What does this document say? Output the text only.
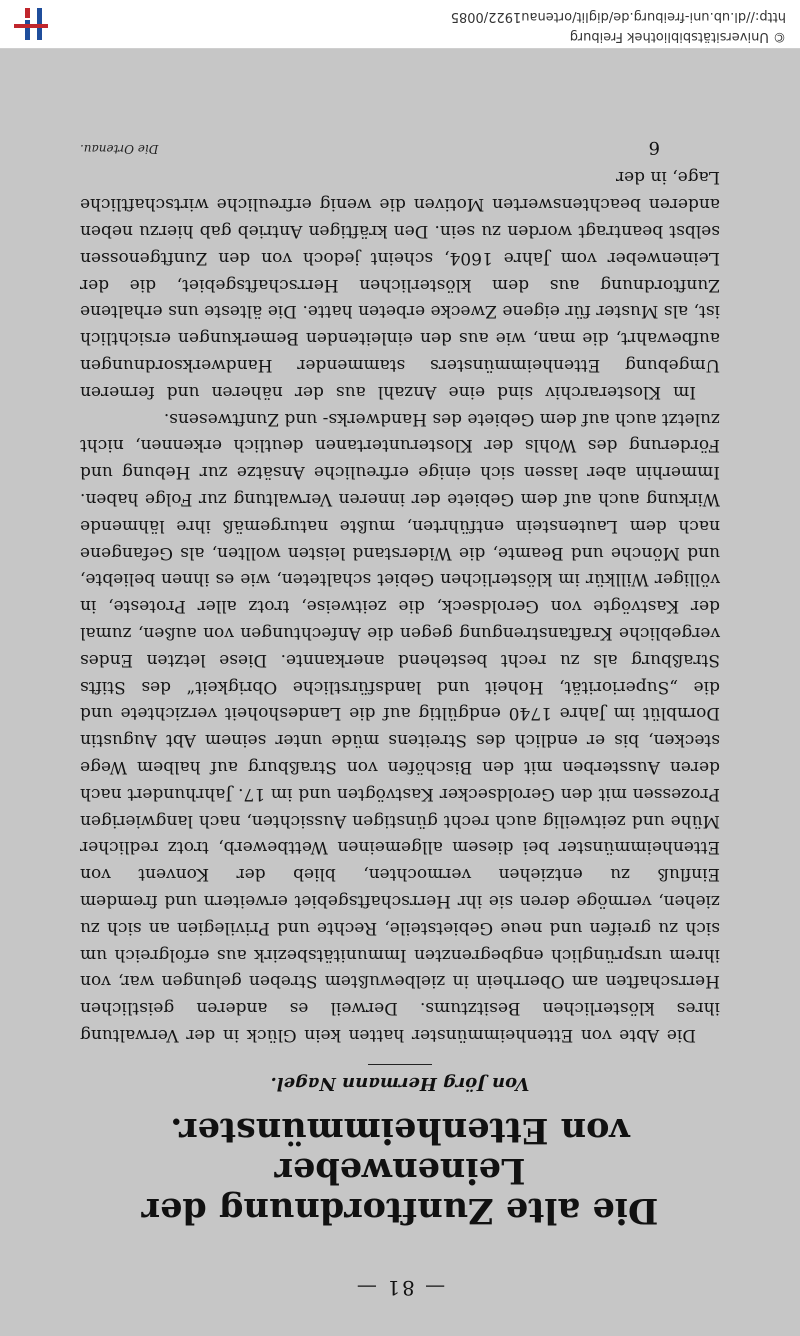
— 81 —
Die alte Zunftordnung der Leinenweber
von Ettenheimmünster.
Von Jörg Hermann Nagel.

Die Abte von Ettenheimmünster hatten kein Glück in der Verwaltung ihres klösterlichen Besitztums. Derweil es anderen geistlichen Herrschaften am Oberrhein in zielbewußtem Streben gelungen war, von ihrem ursprünglich engbegrenzten Immunitätsbezirk aus erfolgreich um sich zu greifen und neue Gebietsteile, Rechte und Privilegien an sich zu ziehen, vermöge deren sie ihr Herrschaftsgebiet erweitern und fremdem Einfluß zu entziehen vermochten, blieb der Konvent von Ettenheimmünster bei diesem allgemeinen Wettbewerb, trotz redlicher Mühe und zeitweilig auch recht günstigen Aussichten, nach langwierigen Prozessen mit den Geroldsecker Kastvögten und im 17. Jahrhundert nach deren Aussterben mit den Bischöfen von Straßburg auf halbem Wege stecken, bis er endlich des Streitens müde unter seinem Abt Augustin Dornblüt im Jahre 1740 endgültig auf die Landeshoheit verzichtete und die „Superiorität, Hoheit und landsfürstliche Obrigkeit“ des Stifts Straßburg als zu recht bestehend anerkannte. Diese letzten Endes vergebliche Kraftanstrengung gegen die Anfechtungen von außen, zumal der Kastvögte von Geroldseck, die zeitweise, trotz aller Proteste, in völliger Willkür im klösterlichen Gebiet schalteten, wie es ihnen beliebte, und Mönche und Beamte, die Widerstand leisten wollten, als Gefangene nach dem Lautenstein entführten, mußte naturgemäß ihre lähmende Wirkung auch auf dem Gebiete der inneren Verwaltung zur Folge haben. Immerhin aber lassen sich einige erfreuliche Ansätze zur Hebung und Förderung des Wohls der Klosteruntertanen deutlich erkennen, nicht zuletzt auch auf dem Gebiete des Handwerks- und Zunftwesens.

Im Klosterarchiv sind eine Anzahl aus der näheren und ferneren Umgebung Ettenheimmünsters stammender Handwerksordnungen aufbewahrt, die man, wie aus den einleitenden Bemerkungen ersichtlich ist, als Muster für eigene Zwecke erbeten hatte. Die älteste uns erhaltene Zunftordnung aus dem klösterlichen Herrschaftsgebiet, die der Leinenweber vom Jahre 1604, scheint jedoch von den Zunftgenossen selbst beantragt worden zu sein. Den kräftigen Antrieb gab hierzu neben anderen beachtenswerten Motiven die wenig erfreuliche wirtschaftliche Lage, in der

6
Die Ortenau.
© Universitätsbibliothek Freiburg
http://dl.ub.uni-freiburg.de/diglit/ortenau1922/0085
